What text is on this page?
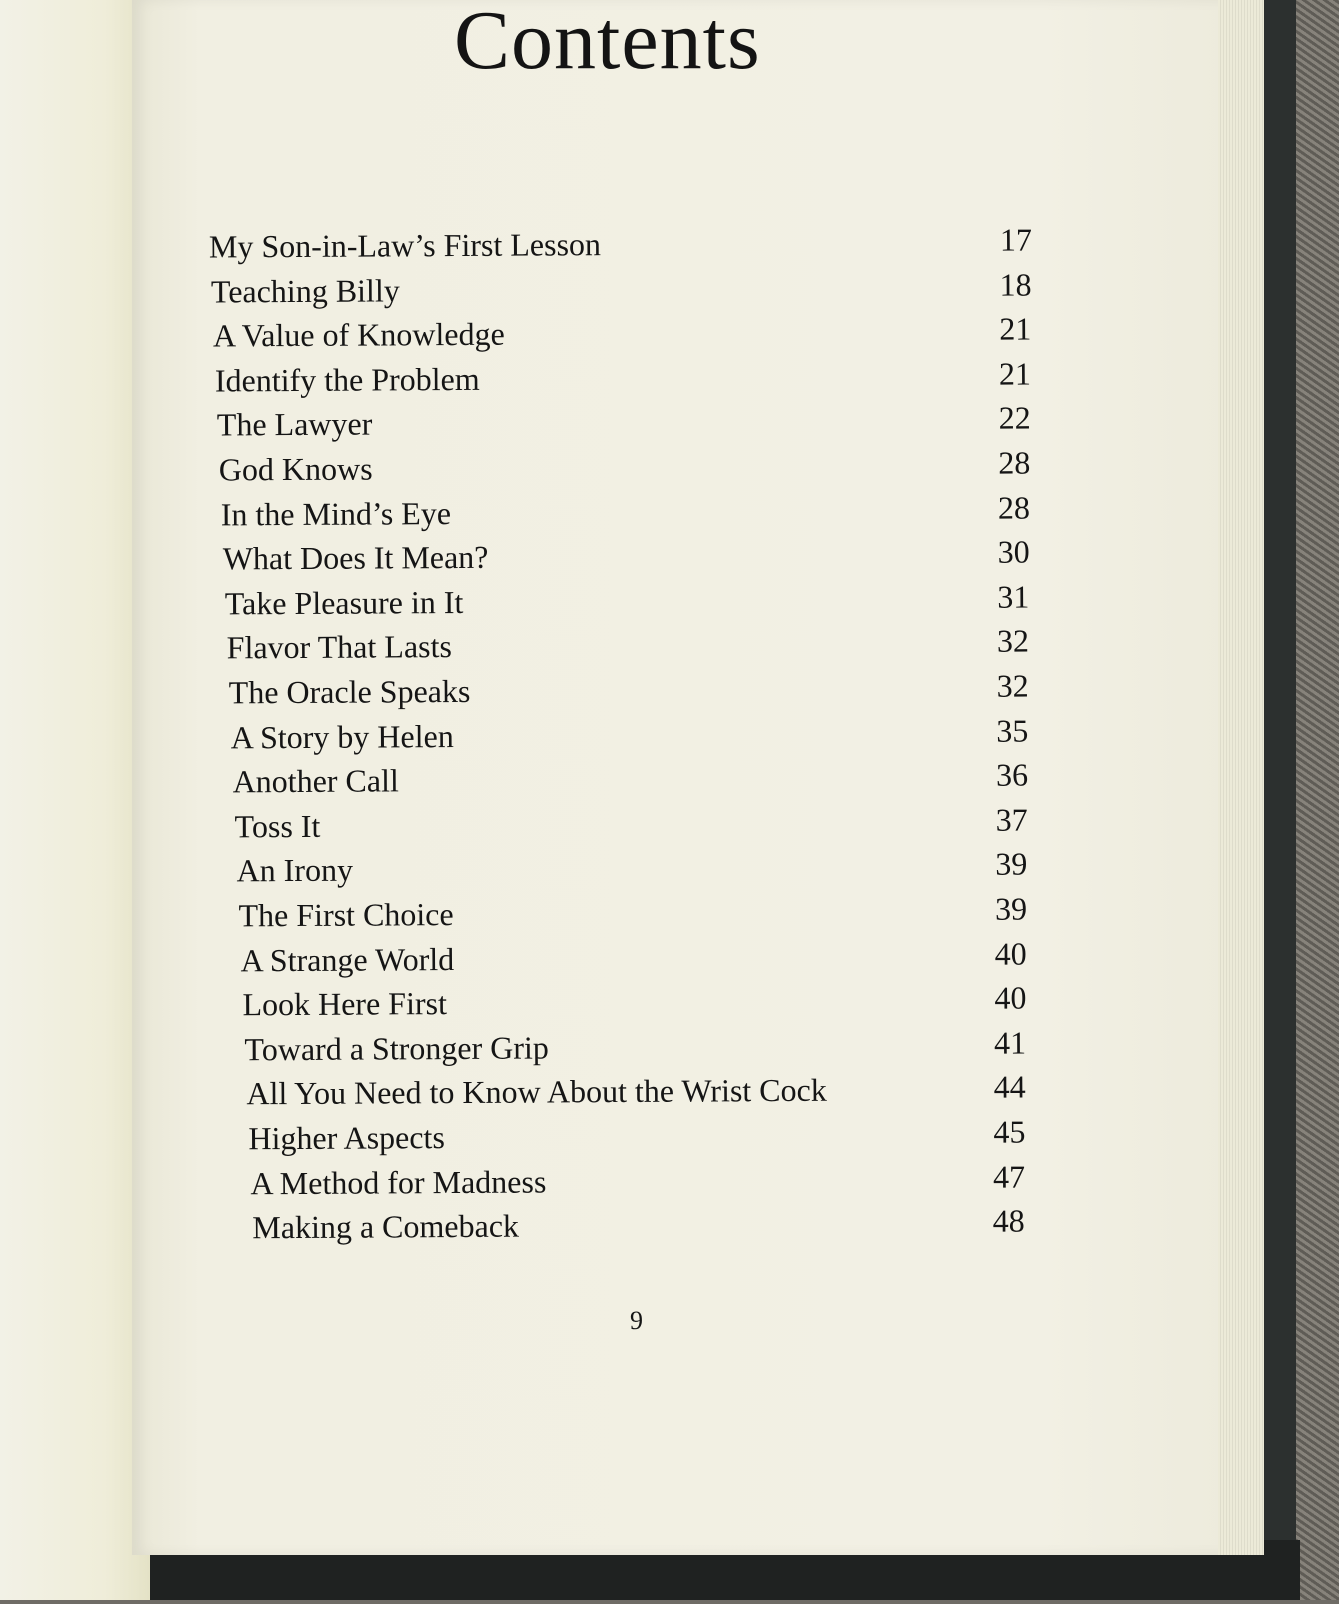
Contents
My Son-in-Law’s First Lesson	17
Teaching Billy	18
A Value of Knowledge	21
Identify the Problem	21
The Lawyer	22
God Knows	28
In the Mind’s Eye	28
What Does It Mean?	30
Take Pleasure in It	31
Flavor That Lasts	32
The Oracle Speaks	32
A Story by Helen	35
Another Call	36
Toss It	37
An Irony	39
The First Choice	39
A Strange World	40
Look Here First	40
Toward a Stronger Grip	41
All You Need to Know About the Wrist Cock	44
Higher Aspects	45
A Method for Madness	47
Making a Comeback	48
9
